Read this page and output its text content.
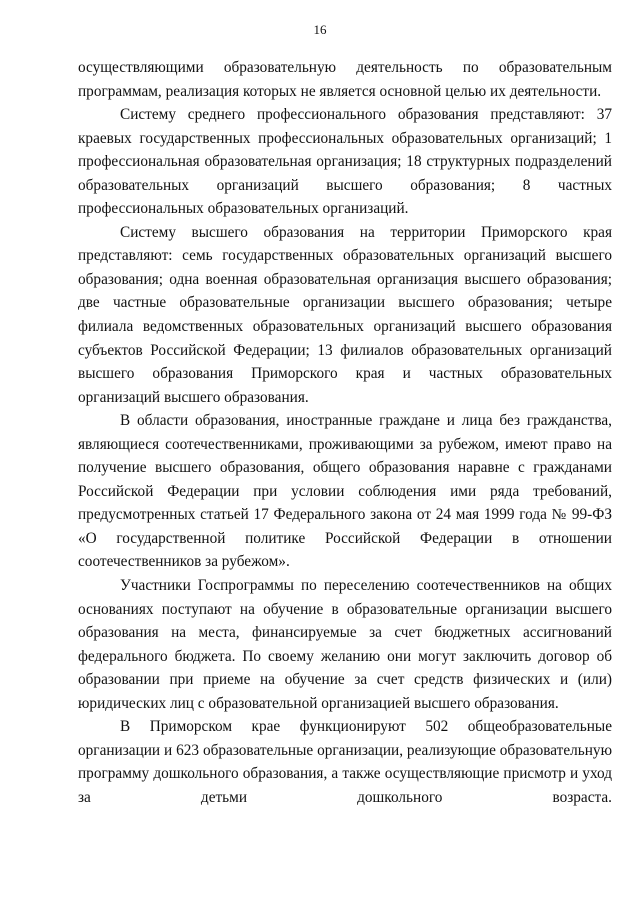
16

осуществляющими образовательную деятельность по образовательным программам, реализация которых не является основной целью их деятельности.

Систему среднего профессионального образования представляют: 37 краевых государственных профессиональных образовательных организаций; 1 профессиональная образовательная организация; 18 структурных подразделений образовательных организаций высшего образования; 8 частных профессиональных образовательных организаций.

Систему высшего образования на территории Приморского края представляют: семь государственных образовательных организаций высшего образования; одна военная образовательная организация высшего образования; две частные образовательные организации высшего образования; четыре филиала ведомственных образовательных организаций высшего образования субъектов Российской Федерации; 13 филиалов образовательных организаций высшего образования Приморского края и частных образовательных организаций высшего образования.

В области образования, иностранные граждане и лица без гражданства, являющиеся соотечественниками, проживающими за рубежом, имеют право на получение высшего образования, общего образования наравне с гражданами Российской Федерации при условии соблюдения ими ряда требований, предусмотренных статьей 17 Федерального закона от 24 мая 1999 года № 99-ФЗ «О государственной политике Российской Федерации в отношении соотечественников за рубежом».

Участники Госпрограммы по переселению соотечественников на общих основаниях поступают на обучение в образовательные организации высшего образования на места, финансируемые за счет бюджетных ассигнований федерального бюджета. По своему желанию они могут заключить договор об образовании при приеме на обучение за счет средств физических и (или) юридических лиц с образовательной организацией высшего образования.

В Приморском крае функционируют 502 общеобразовательные организации и 623 образовательные организации, реализующие образовательную программу дошкольного образования, а также осуществляющие присмотр и уход за детьми дошкольного возраста.
